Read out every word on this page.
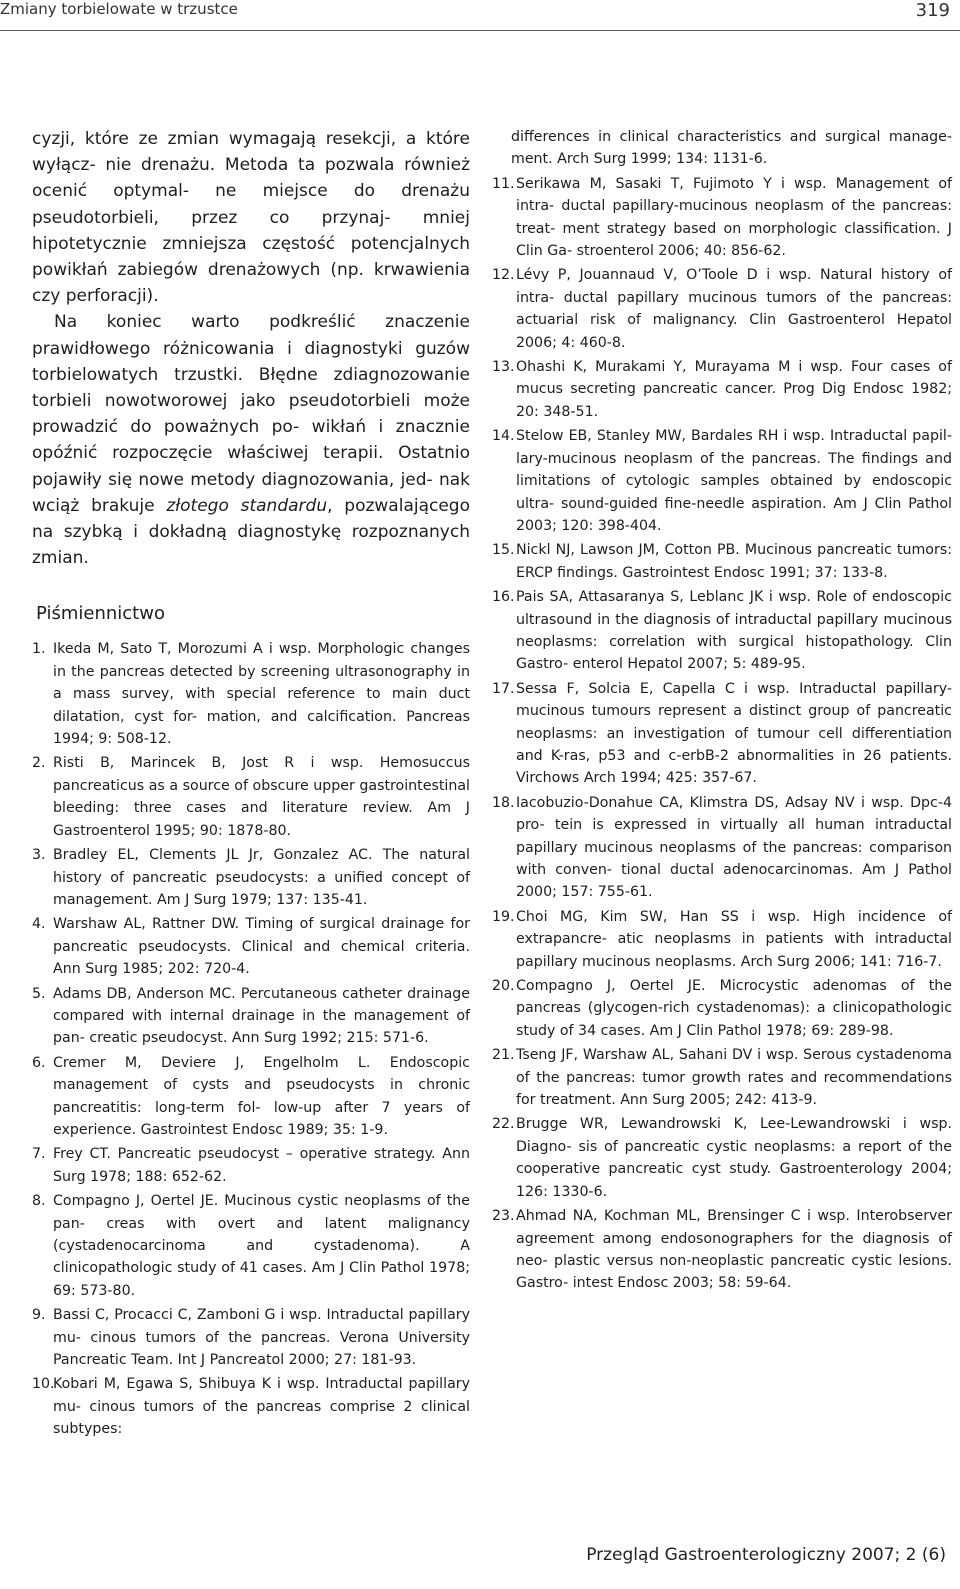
Zmiany torbielowate w trzustce	319

cyzji, które ze zmian wymagają resekcji, a które wyłącz- nie drenażu. Metoda ta pozwala również ocenić optymal- ne miejsce do drenażu pseudotorbieli, przez co przynaj- mniej hipotetycznie zmniejsza częstość potencjalnych powikłań zabiegów drenażowych (np. krwawienia czy perforacji).

Na koniec warto podkreślić znaczenie prawidłowego różnicowania i diagnostyki guzów torbielowatych trzustki. Błędne zdiagnozowanie torbieli nowotworowej jako pseudotorbieli może prowadzić do poważnych po- wikłań i znacznie opóźnić rozpoczęcie właściwej terapii. Ostatnio pojawiły się nowe metody diagnozowania, jed- nak wciąż brakuje złotego standardu, pozwalającego na szybką i dokładną diagnostykę rozpoznanych zmian.

Piśmiennictwo
1. Ikeda M, Sato T, Morozumi A i wsp. Morphologic changes in the pancreas detected by screening ultrasonography in a mass survey, with special reference to main duct dilatation, cyst for- mation, and calcification. Pancreas 1994; 9: 508-12.
2. Risti B, Marincek B, Jost R i wsp. Hemosuccus pancreaticus as a source of obscure upper gastrointestinal bleeding: three cases and literature review. Am J Gastroenterol 1995; 90: 1878-80.
3. Bradley EL, Clements JL Jr, Gonzalez AC. The natural history of pancreatic pseudocysts: a unified concept of management. Am J Surg 1979; 137: 135-41.
4. Warshaw AL, Rattner DW. Timing of surgical drainage for pancreatic pseudocysts. Clinical and chemical criteria. Ann Surg 1985; 202: 720-4.
5. Adams DB, Anderson MC. Percutaneous catheter drainage compared with internal drainage in the management of pan- creatic pseudocyst. Ann Surg 1992; 215: 571-6.
6. Cremer M, Deviere J, Engelholm L. Endoscopic management of cysts and pseudocysts in chronic pancreatitis: long-term fol- low-up after 7 years of experience. Gastrointest Endosc 1989; 35: 1-9.
7. Frey CT. Pancreatic pseudocyst – operative strategy. Ann Surg 1978; 188: 652-62.
8. Compagno J, Oertel JE. Mucinous cystic neoplasms of the pan- creas with overt and latent malignancy (cystadenocarcinoma and cystadenoma). A clinicopathologic study of 41 cases. Am J Clin Pathol 1978; 69: 573-80.
9. Bassi C, Procacci C, Zamboni G i wsp. Intraductal papillary mu- cinous tumors of the pancreas. Verona University Pancreatic Team. Int J Pancreatol 2000; 27: 181-93.
10.
Kobari M, Egawa S, Shibuya K i wsp. Intraductal papillary mu- cinous tumors of the pancreas comprise 2 clinical subtypes:
differences in clinical characteristics and surgical manage- ment. Arch Surg 1999; 134: 1131-6.
11. Serikawa M, Sasaki T, Fujimoto Y i wsp. Management of intra- ductal papillary-mucinous neoplasm of the pancreas: treat- ment strategy based on morphologic classification. J Clin Ga- stroenterol 2006; 40: 856-62.
12. Lévy P, Jouannaud V, O’Toole D i wsp. Natural history of intra- ductal papillary mucinous tumors of the pancreas: actuarial risk of malignancy. Clin Gastroenterol Hepatol 2006; 4: 460-8.
13. Ohashi K, Murakami Y, Murayama M i wsp. Four cases of mucus secreting pancreatic cancer. Prog Dig Endosc 1982; 20: 348-51.
14. Stelow EB, Stanley MW, Bardales RH i wsp. Intraductal papil- lary-mucinous neoplasm of the pancreas. The findings and limitations of cytologic samples obtained by endoscopic ultra- sound-guided fine-needle aspiration. Am J Clin Pathol 2003; 120: 398-404.
15. Nickl NJ, Lawson JM, Cotton PB. Mucinous pancreatic tumors: ERCP findings. Gastrointest Endosc 1991; 37: 133-8.
16. Pais SA, Attasaranya S, Leblanc JK i wsp. Role of endoscopic ultrasound in the diagnosis of intraductal papillary mucinous neoplasms: correlation with surgical histopathology. Clin Gastro- enterol Hepatol 2007; 5: 489-95.
17. Sessa F, Solcia E, Capella C i wsp. Intraductal papillary-mucinous tumours represent a distinct group of pancreatic neoplasms: an investigation of tumour cell differentiation and K-ras, p53 and c-erbB-2 abnormalities in 26 patients. Virchows Arch 1994; 425: 357-67.
18. Iacobuzio-Donahue CA, Klimstra DS, Adsay NV i wsp. Dpc-4 pro- tein is expressed in virtually all human intraductal papillary mucinous neoplasms of the pancreas: comparison with conven- tional ductal adenocarcinomas. Am J Pathol 2000; 157: 755-61.
19. Choi MG, Kim SW, Han SS i wsp. High incidence of extrapancre- atic neoplasms in patients with intraductal papillary mucinous neoplasms. Arch Surg 2006; 141: 716-7.
20. Compagno J, Oertel JE. Microcystic adenomas of the pancreas (glycogen-rich cystadenomas): a clinicopathologic study of 34 cases. Am J Clin Pathol 1978; 69: 289-98.
21. Tseng JF, Warshaw AL, Sahani DV i wsp. Serous cystadenoma of the pancreas: tumor growth rates and recommendations for treatment. Ann Surg 2005; 242: 413-9.
22. Brugge WR, Lewandrowski K, Lee-Lewandrowski i wsp. Diagno- sis of pancreatic cystic neoplasms: a report of the cooperative pancreatic cyst study. Gastroenterology 2004; 126: 1330-6.
23. Ahmad NA, Kochman ML, Brensinger C i wsp. Interobserver agreement among endosonographers for the diagnosis of neo- plastic versus non-neoplastic pancreatic cystic lesions. Gastro- intest Endosc 2003; 58: 59-64.
Przegląd Gastroenterologiczny 2007; 2 (6)
